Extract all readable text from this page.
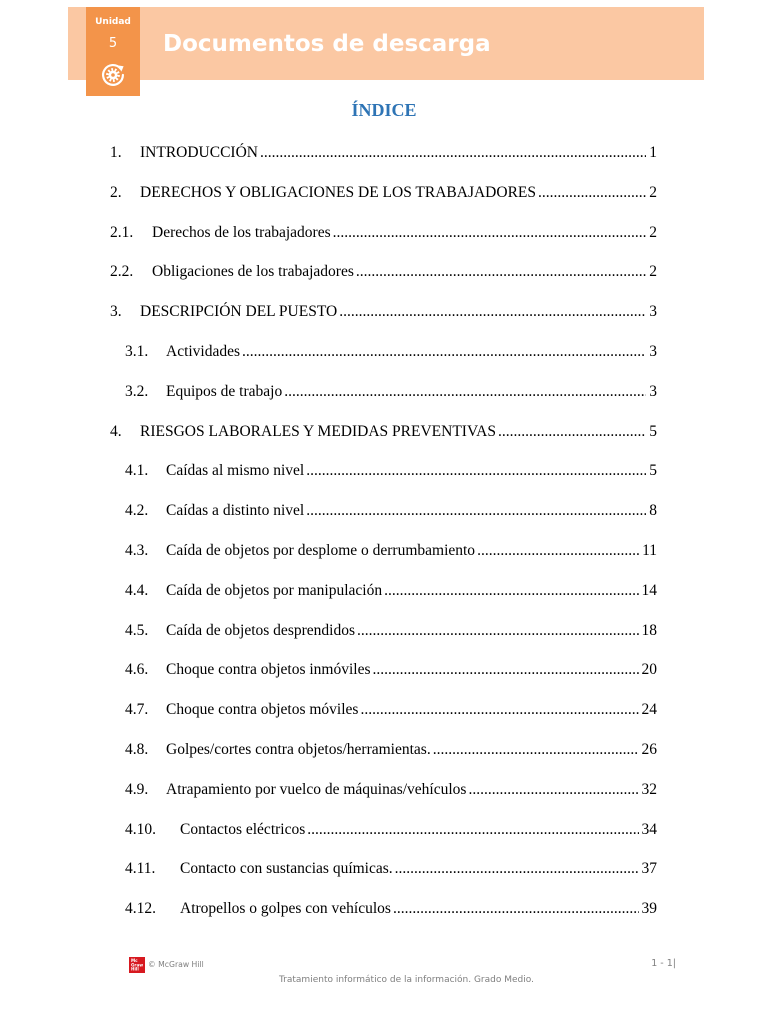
Unidad
5	Documentos de descarga
ÍNDICE
1. INTRODUCCIÓN .....	1
2. DERECHOS Y OBLIGACIONES DE LOS TRABAJADORES .....	2
2.1. Derechos de los trabajadores .....	2
2.2. Obligaciones de los trabajadores .....	2
3. DESCRIPCIÓN DEL PUESTO .....	3
3.1. Actividades .....	3
3.2. Equipos de trabajo .....	3
4. RIESGOS LABORALES Y MEDIDAS PREVENTIVAS .....	5
4.1. Caídas al mismo nivel .....	5
4.2. Caídas a distinto nivel .....	8
4.3. Caída de objetos por desplome o derrumbamiento .....	11
4.4. Caída de objetos por manipulación .....	14
4.5. Caída de objetos desprendidos .....	18
4.6. Choque contra objetos inmóviles .....	20
4.7. Choque contra objetos móviles .....	24
4.8. Golpes/cortes contra objetos/herramientas. .....	26
4.9. Atrapamiento por vuelco de máquinas/vehículos .....	32
4.10. Contactos eléctricos .....	34
4.11. Contacto con sustancias químicas. .....	37
4.12. Atropellos o golpes con vehículos .....	39
Mc
Graw
Hill	© McGraw Hill	1 - 1|
Tratamiento informático de la información. Grado Medio.
